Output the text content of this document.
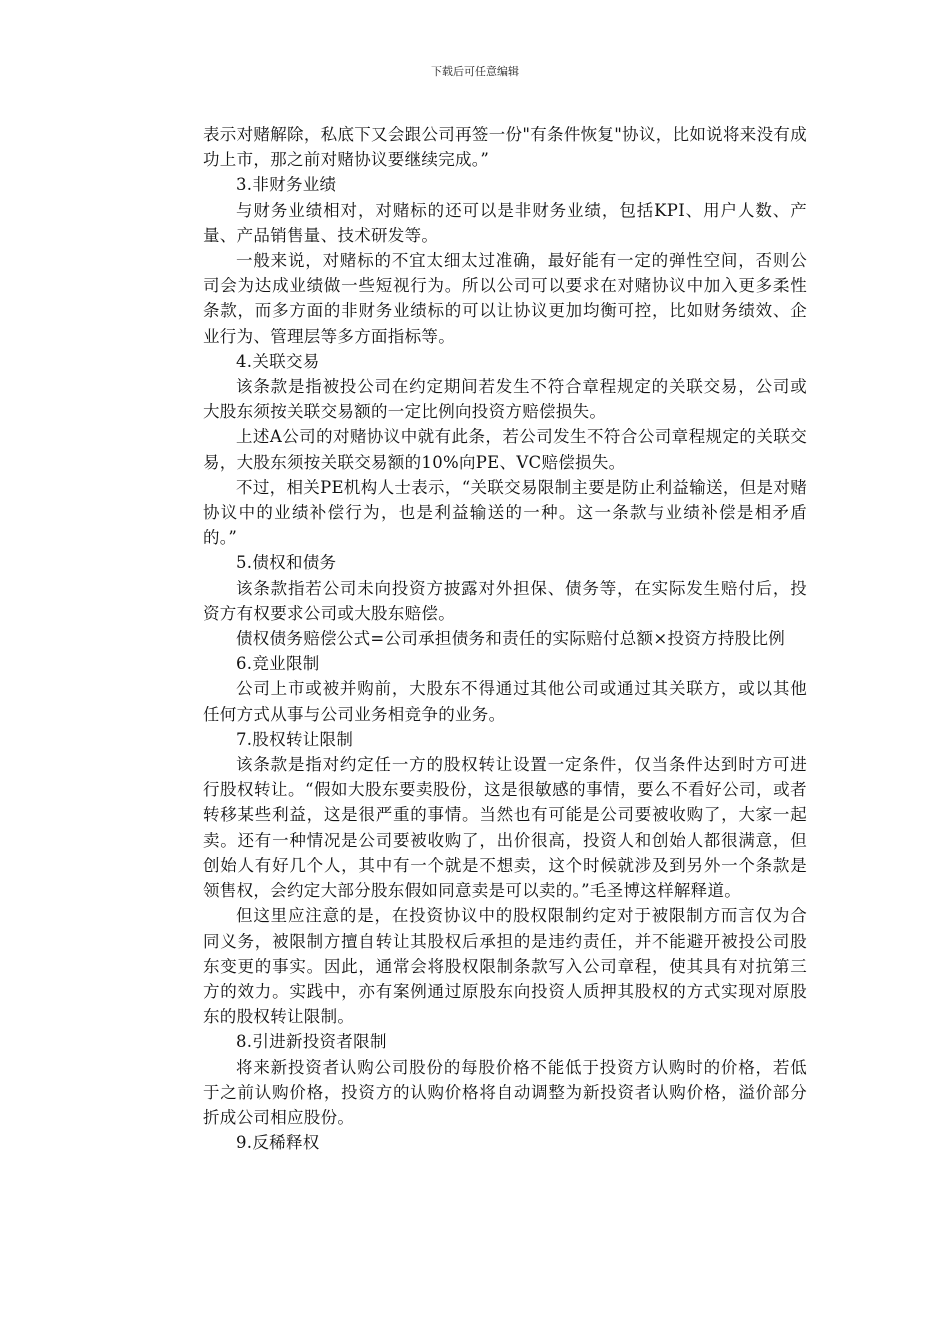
下载后可任意编辑

表示对赌解除，私底下又会跟公司再签一份"有条件恢复"协议，比如说将来没有成功上市，那之前对赌协议要继续完成。”

3.非财务业绩

与财务业绩相对，对赌标的还可以是非财务业绩，包括KPI、用户人数、产量、产品销售量、技术研发等。

一般来说，对赌标的不宜太细太过准确，最好能有一定的弹性空间，否则公司会为达成业绩做一些短视行为。所以公司可以要求在对赌协议中加入更多柔性条款，而多方面的非财务业绩标的可以让协议更加均衡可控，比如财务绩效、企业行为、管理层等多方面指标等。

4.关联交易

该条款是指被投公司在约定期间若发生不符合章程规定的关联交易，公司或大股东须按关联交易额的一定比例向投资方赔偿损失。

上述A公司的对赌协议中就有此条，若公司发生不符合公司章程规定的关联交易，大股东须按关联交易额的10%向PE、VC赔偿损失。

不过，相关PE机构人士表示，“关联交易限制主要是防止利益输送，但是对赌协议中的业绩补偿行为，也是利益输送的一种。这一条款与业绩补偿是相矛盾的。”

5.债权和债务

该条款指若公司未向投资方披露对外担保、债务等，在实际发生赔付后，投资方有权要求公司或大股东赔偿。

债权债务赔偿公式=公司承担债务和责任的实际赔付总额×投资方持股比例

6.竞业限制

公司上市或被并购前，大股东不得通过其他公司或通过其关联方，或以其他任何方式从事与公司业务相竞争的业务。

7.股权转让限制

该条款是指对约定任一方的股权转让设置一定条件，仅当条件达到时方可进行股权转让。“假如大股东要卖股份，这是很敏感的事情，要么不看好公司，或者转移某些利益，这是很严重的事情。当然也有可能是公司要被收购了，大家一起卖。还有一种情况是公司要被收购了，出价很高，投资人和创始人都很满意，但创始人有好几个人，其中有一个就是不想卖，这个时候就涉及到另外一个条款是领售权，会约定大部分股东假如同意卖是可以卖的。”毛圣博这样解释道。

但这里应注意的是，在投资协议中的股权限制约定对于被限制方而言仅为合同义务，被限制方擅自转让其股权后承担的是违约责任，并不能避开被投公司股东变更的事实。因此，通常会将股权限制条款写入公司章程，使其具有对抗第三方的效力。实践中，亦有案例通过原股东向投资人质押其股权的方式实现对原股东的股权转让限制。

8.引进新投资者限制

将来新投资者认购公司股份的每股价格不能低于投资方认购时的价格，若低于之前认购价格，投资方的认购价格将自动调整为新投资者认购价格，溢价部分折成公司相应股份。

9.反稀释权
